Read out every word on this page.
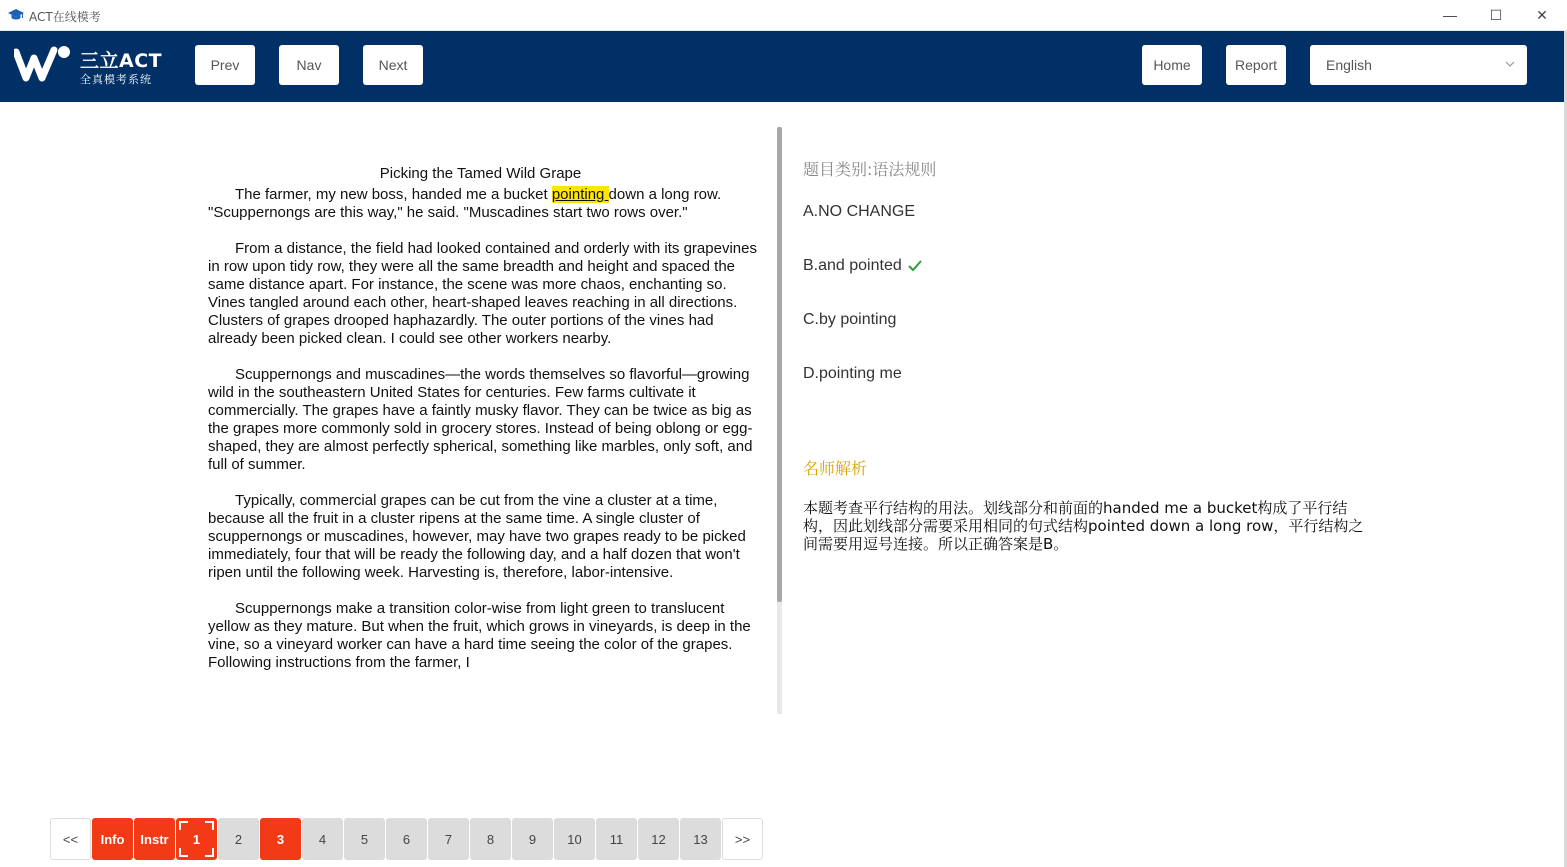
ACT在线模考	— ☐ ✕
三立ACT
全真模考系统
Prev	Nav	Next	Home	Report	English
Picking the Tamed Wild Grape

The farmer, my new boss, handed me a bucket pointing down a long row. "Scuppernongs are this way," he said. "Muscadines start two rows over."

From a distance, the field had looked contained and orderly with its grapevines in row upon tidy row, they were all the same breadth and height and spaced the same distance apart. For instance, the scene was more chaos, enchanting so. Vines tangled around each other, heart-shaped leaves reaching in all directions. Clusters of grapes drooped haphazardly. The outer portions of the vines had already been picked clean. I could see other workers nearby.

Scuppernongs and muscadines—the words themselves so flavorful—growing wild in the southeastern United States for centuries. Few farms cultivate it commercially. The grapes have a faintly musky flavor. They can be twice as big as the grapes more commonly sold in grocery stores. Instead of being oblong or egg-shaped, they are almost perfectly spherical, something like marbles, only soft, and full of summer.

Typically, commercial grapes can be cut from the vine a cluster at a time, because all the fruit in a cluster ripens at the same time. A single cluster of scuppernongs or muscadines, however, may have two grapes ready to be picked immediately, four that will be ready the following day, and a half dozen that won't ripen until the following week. Harvesting is, therefore, labor-intensive.

Scuppernongs make a transition color-wise from light green to translucent yellow as they mature. But when the fruit, which grows in vineyards, is deep in the vine, so a vineyard worker can have a hard time seeing the color of the grapes. Following instructions from the farmer, I

题目类别:语法规则
A.NO CHANGE
B.and pointed
C.by pointing
D.pointing me
名师解析
本题考查平行结构的用法。划线部分和前面的handed me a bucket构成了平行结构，因此划线部分需要采用相同的句式结构pointed down a long row，平行结构之间需要用逗号连接。所以正确答案是B。
<<	Info	Instr	1	2	3	4	5	6	7	8	9	10	11	12	13	>>
